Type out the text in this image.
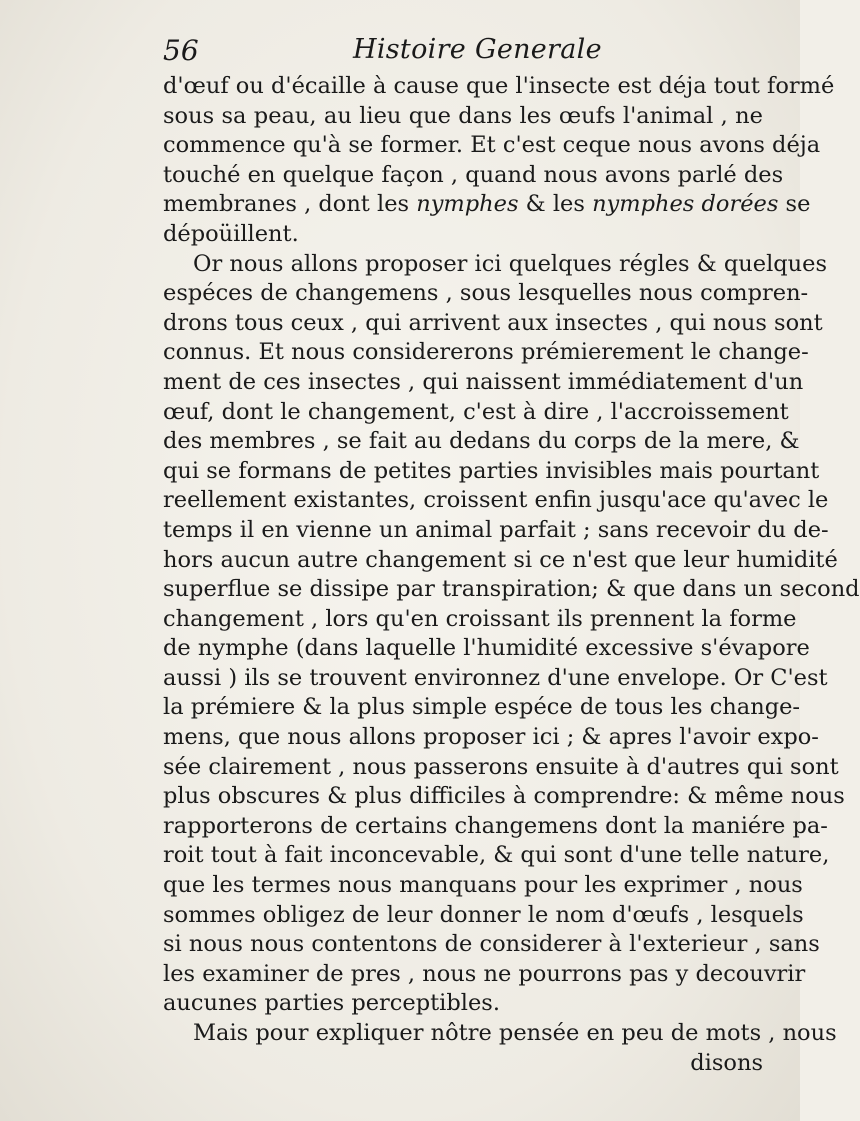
56	Histoire Generale
d'œuf ou d'écaille à cause que l'insecte est déja tout formé
sous sa peau, au lieu que dans les œufs l'animal , ne
commence qu'à se former. Et c'est ceque nous avons déja
touché en quelque façon , quand nous avons parlé des
membranes , dont les nymphes & les nymphes dorées se
dépoüillent.
Or nous allons proposer ici quelques régles & quelques
espéces de changemens , sous lesquelles nous compren-
drons tous ceux , qui arrivent aux insectes , qui nous sont
connus. Et nous considererons prémierement le change-
ment de ces insectes , qui naissent immédiatement d'un
œuf, dont le changement, c'est à dire , l'accroissement
des membres , se fait au dedans du corps de la mere, &
qui se formans de petites parties invisibles mais pourtant
reellement existantes, croissent enfin jusqu'ace qu'avec le
temps il en vienne un animal parfait ; sans recevoir du de-
hors aucun autre changement si ce n'est que leur humidité
superflue se dissipe par transpiration; & que dans un second
changement , lors qu'en croissant ils prennent la forme
de nymphe (dans laquelle l'humidité excessive s'évapore
aussi ) ils se trouvent environnez d'une envelope. Or C'est
la prémiere & la plus simple espéce de tous les change-
mens, que nous allons proposer ici ; & apres l'avoir expo-
sée clairement , nous passerons ensuite à d'autres qui sont
plus obscures & plus difficiles à comprendre: & même nous
rapporterons de certains changemens dont la maniére pa-
roit tout à fait inconcevable, & qui sont d'une telle nature,
que les termes nous manquans pour les exprimer , nous
sommes obligez de leur donner le nom d'œufs , lesquels
si nous nous contentons de considerer à l'exterieur , sans
les examiner de pres , nous ne pourrons pas y decouvrir
aucunes parties perceptibles.
Mais pour expliquer nôtre pensée en peu de mots , nous
disons
